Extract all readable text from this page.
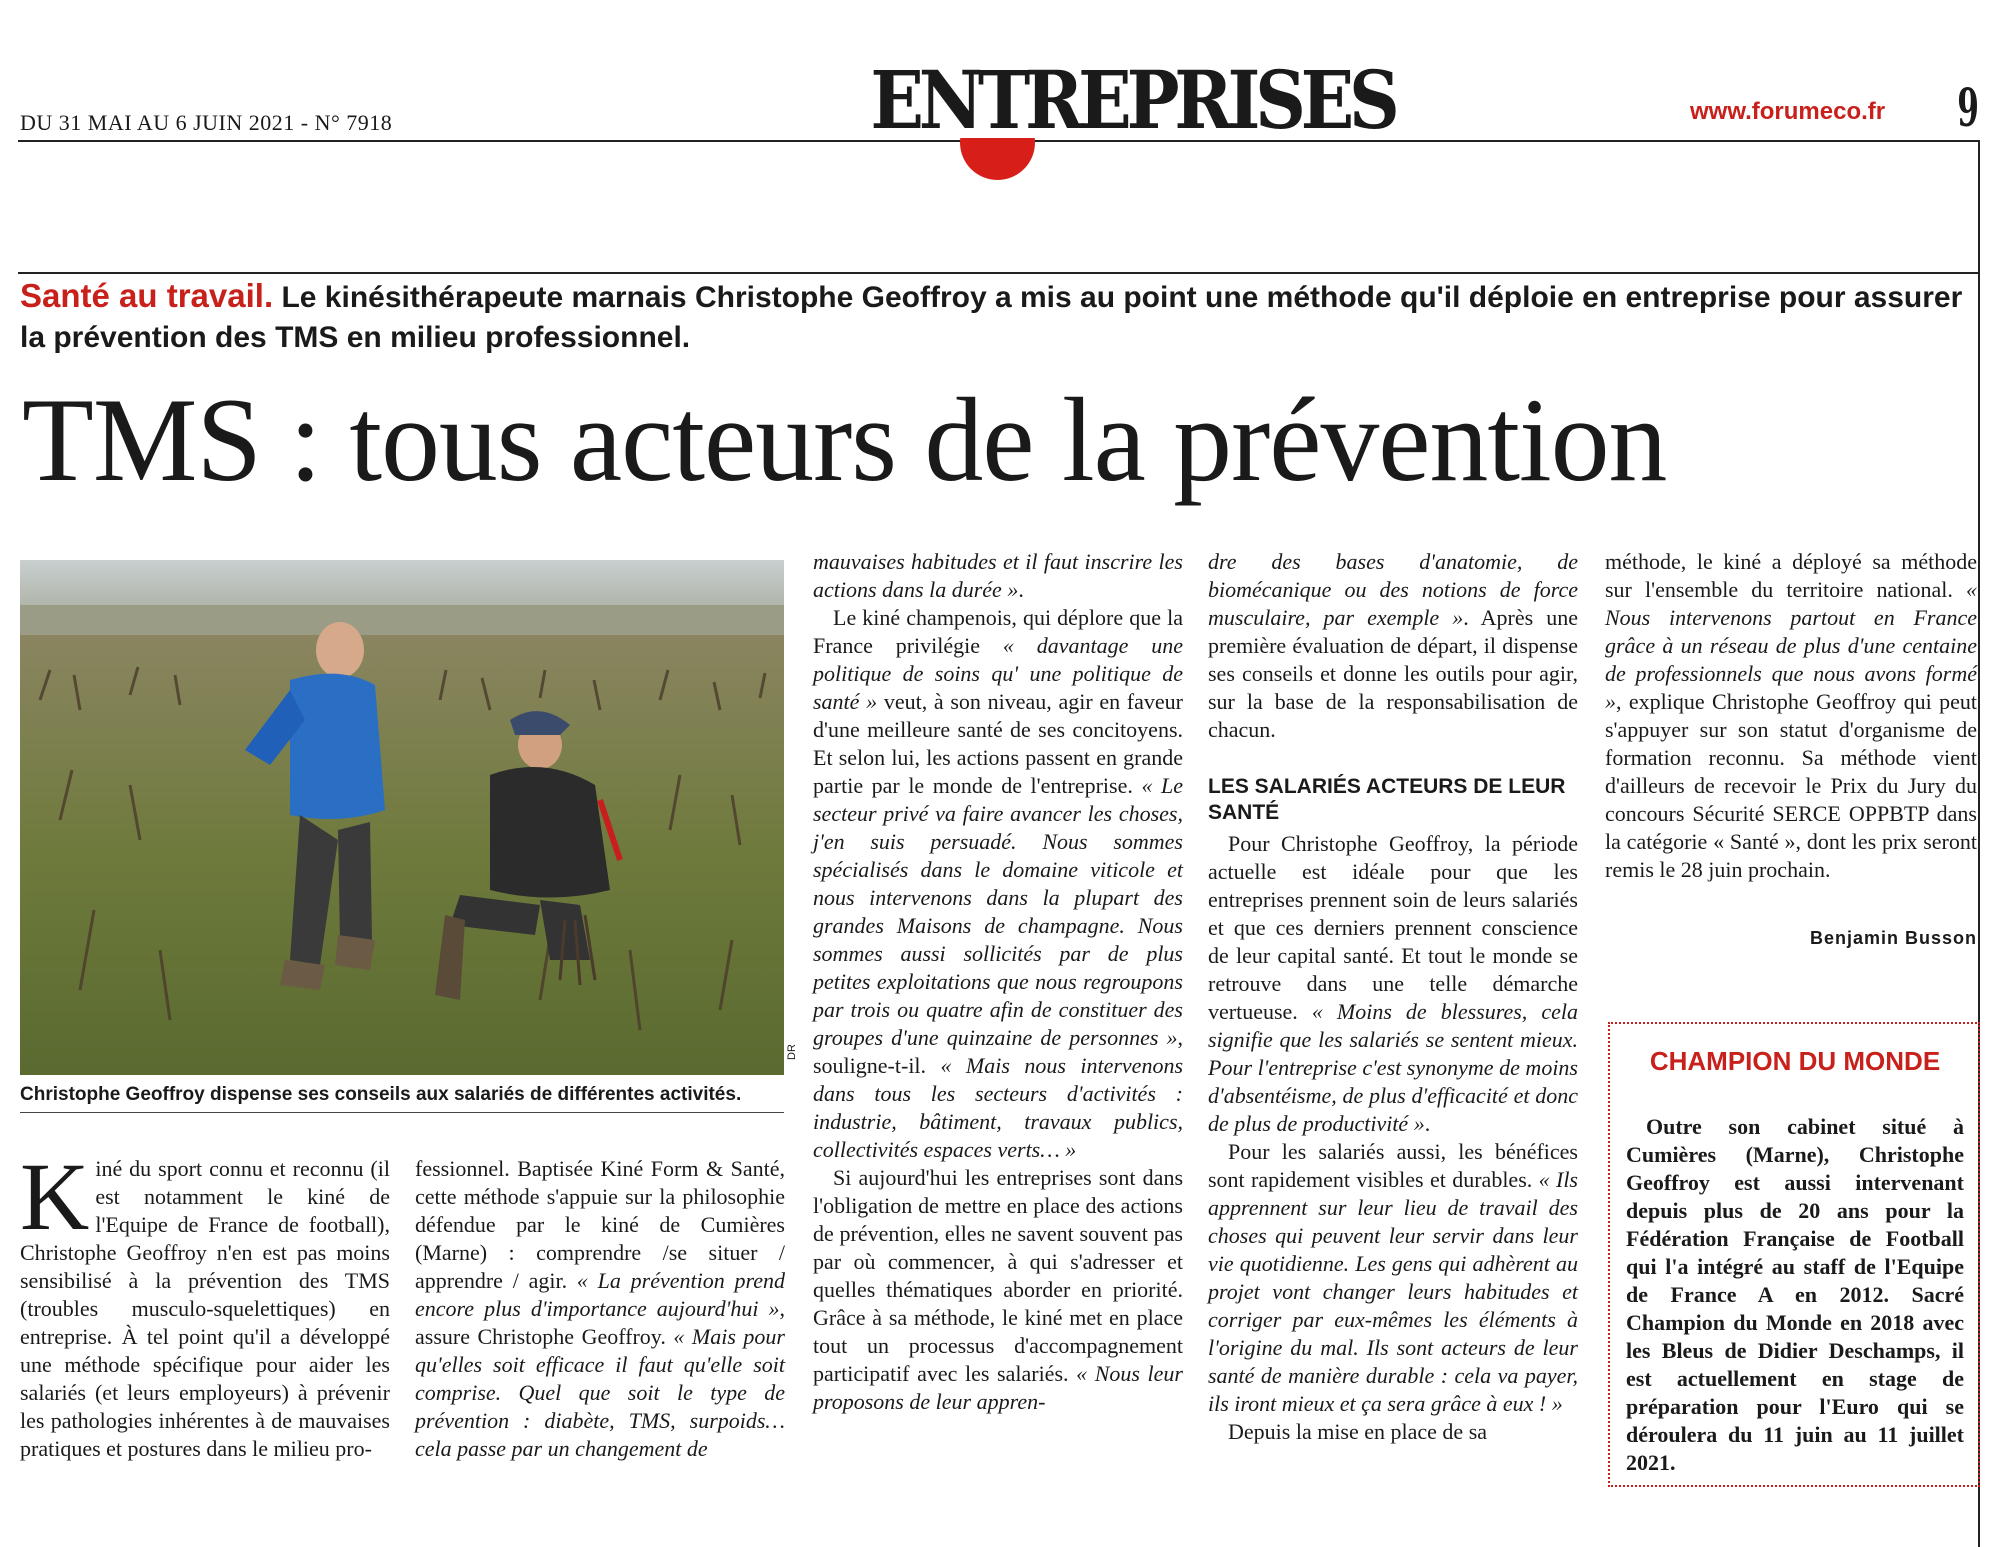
DU 31 MAI AU 6 JUIN 2021 - N° 7918	ENTREPRISES	www.forumeco.fr 9
Santé au travail. Le kinésithérapeute marnais Christophe Geoffroy a mis au point une méthode qu'il déploie en entreprise pour assurer la prévention des TMS en milieu professionnel.
TMS : tous acteurs de la prévention
DR
Christophe Geoffroy dispense ses conseils aux salariés de différentes activités.

Kiné du sport connu et reconnu (il est notamment le kiné de l'Equipe de France de football), Christophe Geoffroy n'en est pas moins sensibilisé à la prévention des TMS (troubles musculo-squelettiques) en entreprise. À tel point qu'il a développé une méthode spécifique pour aider les salariés (et leurs employeurs) à prévenir les pathologies inhérentes à de mauvaises pratiques et postures dans le milieu pro-

fessionnel. Baptisée Kiné Form & Santé, cette méthode s'appuie sur la philosophie défendue par le kiné de Cumières (Marne) : comprendre /se situer / apprendre / agir. « La prévention prend encore plus d'importance aujourd'hui », assure Christophe Geoffroy. « Mais pour qu'elles soit efficace il faut qu'elle soit comprise. Quel que soit le type de prévention : diabète, TMS, surpoids… cela passe par un changement de

mauvaises habitudes et il faut inscrire les actions dans la durée ».

Le kiné champenois, qui déplore que la France privilégie « davantage une politique de soins qu' une politique de santé » veut, à son niveau, agir en faveur d'une meilleure santé de ses concitoyens. Et selon lui, les actions passent en grande partie par le monde de l'entreprise. « Le secteur privé va faire avancer les choses, j'en suis persuadé. Nous sommes spécialisés dans le domaine viticole et nous intervenons dans la plupart des grandes Maisons de champagne. Nous sommes aussi sollicités par de plus petites exploitations que nous regroupons par trois ou quatre afin de constituer des groupes d'une quinzaine de personnes », souligne-t-il. « Mais nous intervenons dans tous les secteurs d'activités : industrie, bâtiment, travaux publics, collectivités espaces verts… »

Si aujourd'hui les entreprises sont dans l'obligation de mettre en place des actions de prévention, elles ne savent souvent pas par où commencer, à qui s'adresser et quelles thématiques aborder en priorité. Grâce à sa méthode, le kiné met en place tout un processus d'accompagnement participatif avec les salariés. « Nous leur proposons de leur appren-

dre des bases d'anatomie, de biomécanique ou des notions de force musculaire, par exemple ». Après une première évaluation de départ, il dispense ses conseils et donne les outils pour agir, sur la base de la responsabilisation de chacun.

LES SALARIÉS ACTEURS DE LEUR SANTÉ

Pour Christophe Geoffroy, la période actuelle est idéale pour que les entreprises prennent soin de leurs salariés et que ces derniers prennent conscience de leur capital santé. Et tout le monde se retrouve dans une telle démarche vertueuse. « Moins de blessures, cela signifie que les salariés se sentent mieux. Pour l'entreprise c'est synonyme de moins d'absentéisme, de plus d'efficacité et donc de plus de productivité ».

Pour les salariés aussi, les bénéfices sont rapidement visibles et durables. « Ils apprennent sur leur lieu de travail des choses qui peuvent leur servir dans leur vie quotidienne. Les gens qui adhèrent au projet vont changer leurs habitudes et corriger par eux-mêmes les éléments à l'origine du mal. Ils sont acteurs de leur santé de manière durable : cela va payer, ils iront mieux et ça sera grâce à eux ! »

Depuis la mise en place de sa

méthode, le kiné a déployé sa méthode sur l'ensemble du territoire national. « Nous intervenons partout en France grâce à un réseau de plus d'une centaine de professionnels que nous avons formé », explique Christophe Geoffroy qui peut s'appuyer sur son statut d'organisme de formation reconnu. Sa méthode vient d'ailleurs de recevoir le Prix du Jury du concours Sécurité SERCE OPPBTP dans la catégorie « Santé », dont les prix seront remis le 28 juin prochain.

Benjamin Busson
CHAMPION DU MONDE
Outre son cabinet situé à Cumières (Marne), Christophe Geoffroy est aussi intervenant depuis plus de 20 ans pour la Fédération Française de Football qui l'a intégré au staff de l'Equipe de France A en 2012. Sacré Champion du Monde en 2018 avec les Bleus de Didier Deschamps, il est actuellement en stage de préparation pour l'Euro qui se déroulera du 11 juin au 11 juillet 2021.
